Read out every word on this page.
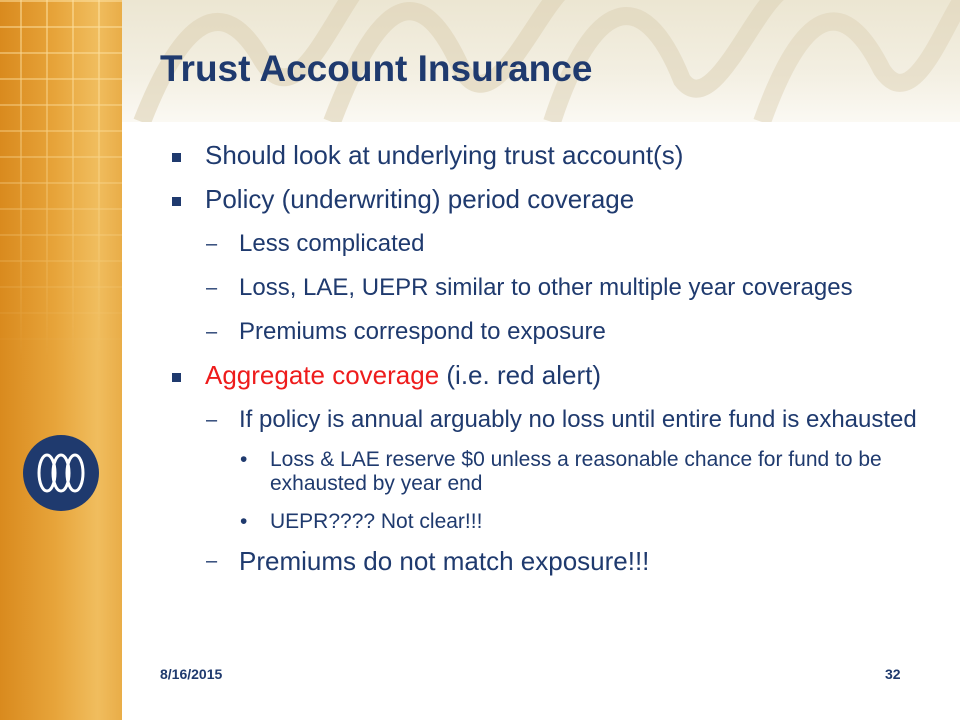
Trust Account Insurance
Should look at underlying trust account(s)
Policy (underwriting) period coverage
– Less complicated
– Loss, LAE, UEPR similar to other multiple year coverages
– Premiums correspond to exposure
Aggregate coverage (i.e. red alert)
– If policy is annual arguably no loss until entire fund is exhausted
• Loss & LAE reserve $0 unless a reasonable chance for fund to be exhausted by year end
• UEPR???? Not clear!!!
– Premiums do not match exposure!!!
8/16/2015	32
